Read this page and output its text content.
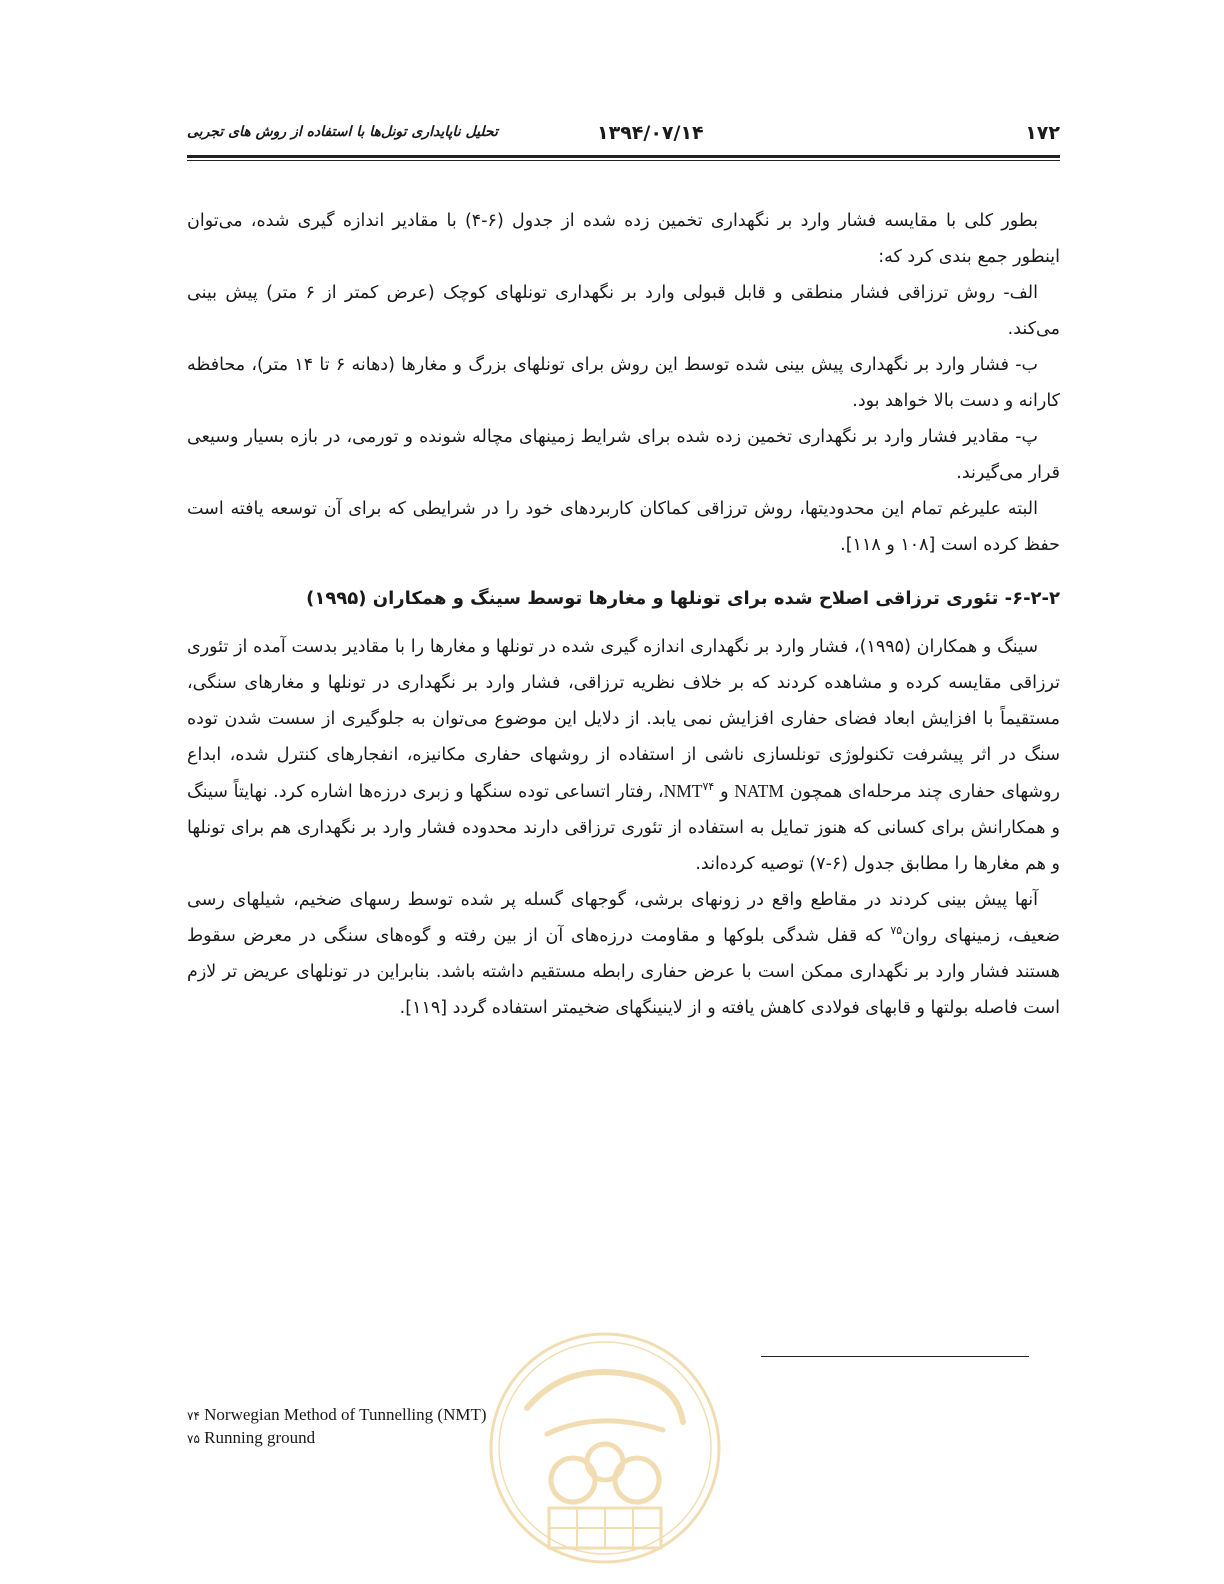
۱۷۲
۱۳۹۴/۰۷/۱۴
تحلیل ناپایداری تونل‌ها با استفاده از روش های تجربی

بطور کلی با مقایسه فشار وارد بر نگهداری تخمین زده شده از جدول (۶-۴) با مقادیر اندازه گیری شده، می‌توان اینطور جمع بندی کرد که:

الف- روش ترزاقی فشار منطقی و قابل قبولی وارد بر نگهداری تونلهای کوچک (عرض کمتر از ۶ متر) پیش بینی می‌کند.

ب- فشار وارد بر نگهداری پیش بینی شده توسط این روش برای تونلهای بزرگ و مغارها (دهانه ۶ تا ۱۴ متر)، محافظه کارانه و دست بالا خواهد بود.

پ- مقادیر فشار وارد بر نگهداری تخمین زده شده برای شرایط زمینهای مچاله شونده و تورمی، در بازه بسیار وسیعی قرار می‌گیرند.

البته علیرغم تمام این محدودیتها، روش ترزاقی کماکان کاربردهای خود را در شرایطی که برای آن توسعه یافته است حفظ کرده است [۱۰۸ و ۱۱۸].

۶-۲-۲- تئوری ترزاقی اصلاح شده برای تونلها و مغارها توسط سینگ و همکاران (۱۹۹۵)

سینگ و همکاران (۱۹۹۵)، فشار وارد بر نگهداری اندازه گیری شده در تونلها و مغارها را با مقادیر بدست آمده از تئوری ترزاقی مقایسه کرده و مشاهده کردند که بر خلاف نظریه ترزاقی، فشار وارد بر نگهداری در تونلها و مغارهای سنگی، مستقیماً با افزایش ابعاد فضای حفاری افزایش نمی یابد. از دلایل این موضوع می‌توان به جلوگیری از سست شدن توده سنگ در اثر پیشرفت تکنولوژی تونلسازی ناشی از استفاده از روشهای حفاری مکانیزه، انفجارهای کنترل شده، ابداع روشهای حفاری چند مرحله‌ای همچون NATM و NMT$^{۷۴}$، رفتار اتساعی توده سنگها و زبری درزه‌ها اشاره کرد. نهایتاً سینگ و همکارانش برای کسانی که هنوز تمایل به استفاده از تئوری ترزاقی دارند محدوده فشار وارد بر نگهداری هم برای تونلها و هم مغارها را مطابق جدول (۶-۷) توصیه کرده‌اند.

آنها پیش بینی کردند در مقاطع واقع در زونهای برشی، گوجهای گسله پر شده توسط رسهای ضخیم، شیلهای رسی ضعیف، زمینهای روان$^{۷۵}$ که قفل شدگی بلوکها و مقاومت درزه‌های آن از بین رفته و گوه‌های سنگی در معرض سقوط هستند فشار وارد بر نگهداری ممکن است با عرض حفاری رابطه مستقیم داشته باشد. بنابراین در تونلهای عریض تر لازم است فاصله بولتها و قابهای فولادی کاهش یافته و از لاینینگهای ضخیمتر استفاده گردد [۱۱۹].

۷۴ Norwegian Method of Tunnelling (NMT)
۷۵ Running ground
